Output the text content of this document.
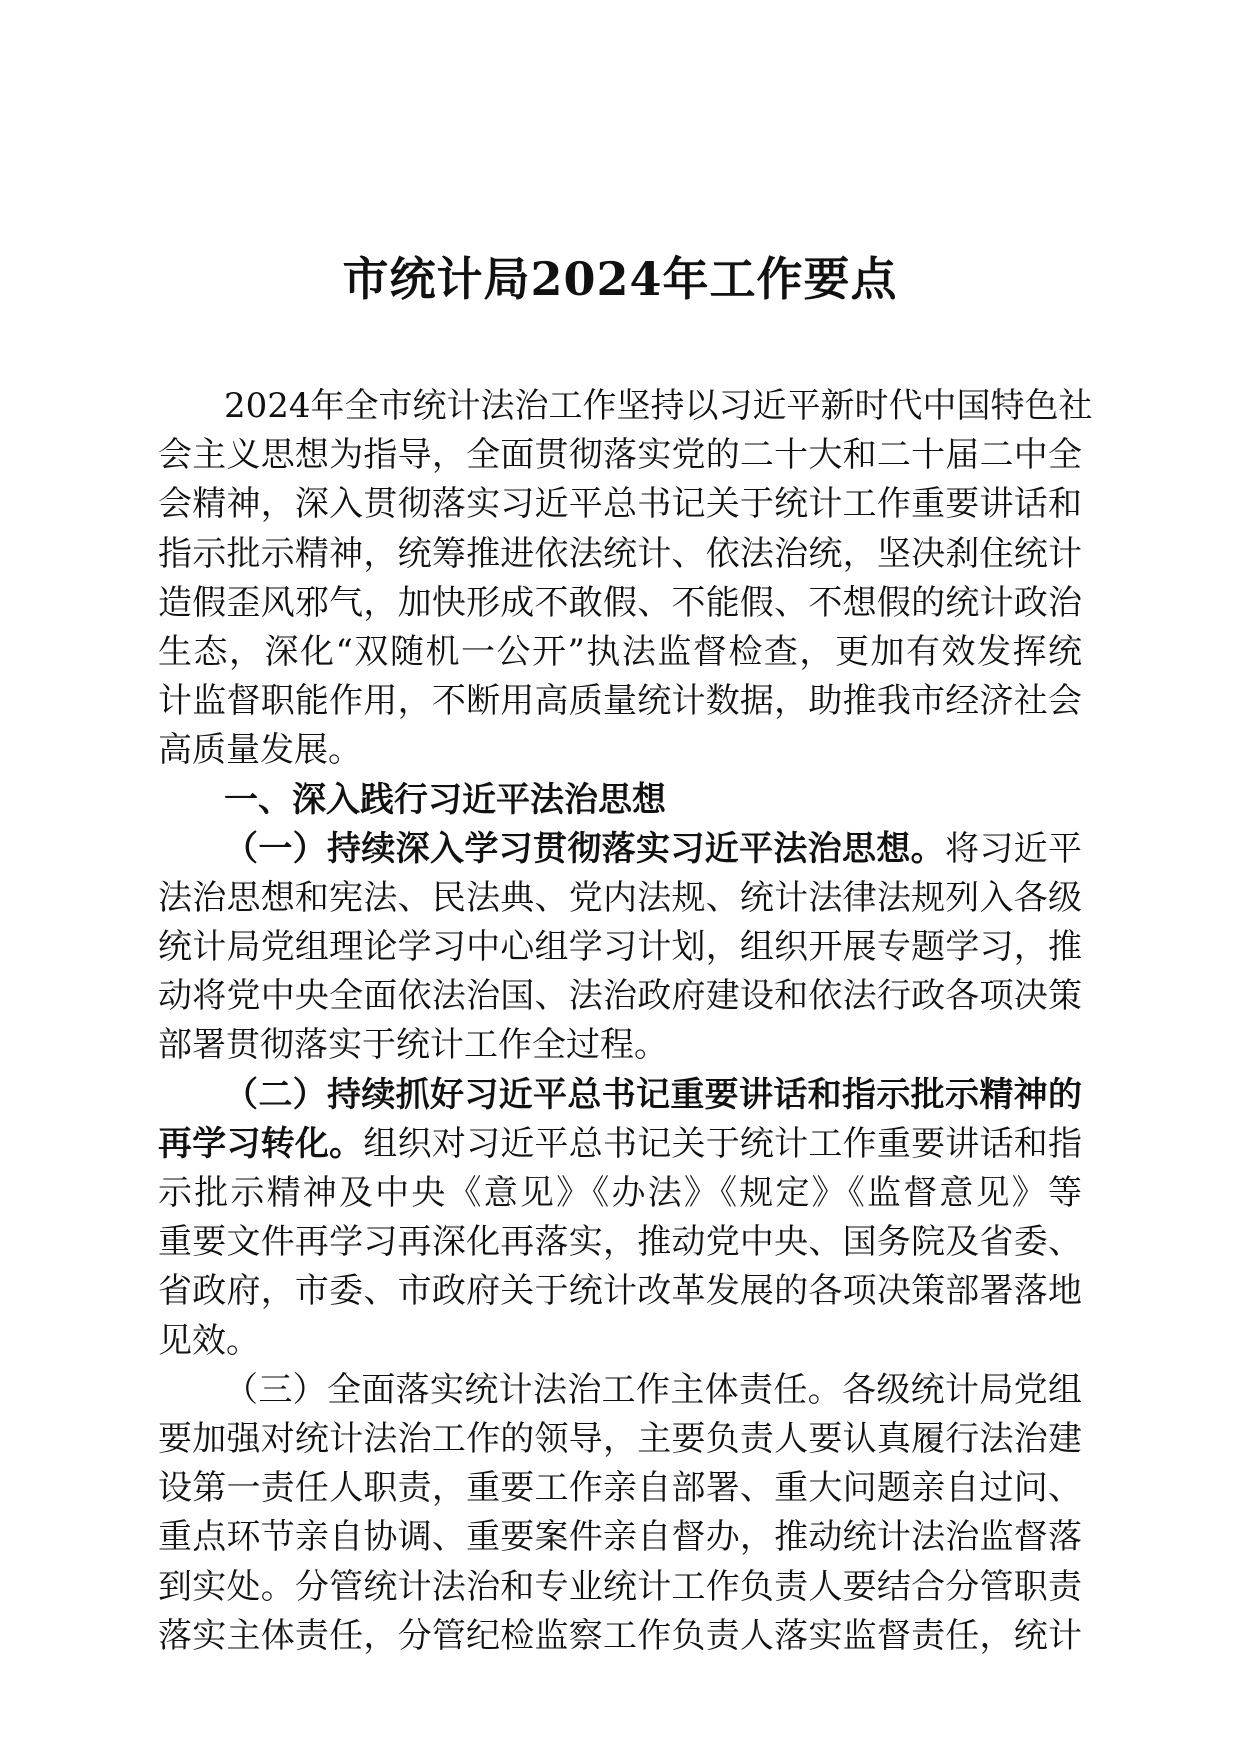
市统计局2024年工作要点
2024年全市统计法治工作坚持以习近平新时代中国特色社
会主义思想为指导，全面贯彻落实党的二十大和二十届二中全
会精神，深入贯彻落实习近平总书记关于统计工作重要讲话和
指示批示精神，统筹推进依法统计、依法治统，坚决刹住统计
造假歪风邪气，加快形成不敢假、不能假、不想假的统计政治
生态，深化“双随机一公开”执法监督检查，更加有效发挥统
计监督职能作用，不断用高质量统计数据，助推我市经济社会
高质量发展。
一、深入践行习近平法治思想
（一）持续深入学习贯彻落实习近平法治思想。将习近平
法治思想和宪法、民法典、党内法规、统计法律法规列入各级
统计局党组理论学习中心组学习计划，组织开展专题学习，推
动将党中央全面依法治国、法治政府建设和依法行政各项决策
部署贯彻落实于统计工作全过程。
（二）持续抓好习近平总书记重要讲话和指示批示精神的
再学习转化。组织对习近平总书记关于统计工作重要讲话和指
示批示精神及中央《意见》《办法》《规定》《监督意见》等
重要文件再学习再深化再落实，推动党中央、国务院及省委、
省政府，市委、市政府关于统计改革发展的各项决策部署落地
见效。
（三）全面落实统计法治工作主体责任。各级统计局党组
要加强对统计法治工作的领导，主要负责人要认真履行法治建
设第一责任人职责，重要工作亲自部署、重大问题亲自过问、
重点环节亲自协调、重要案件亲自督办，推动统计法治监督落
到实处。分管统计法治和专业统计工作负责人要结合分管职责
落实主体责任，分管纪检监察工作负责人落实监督责任，统计
